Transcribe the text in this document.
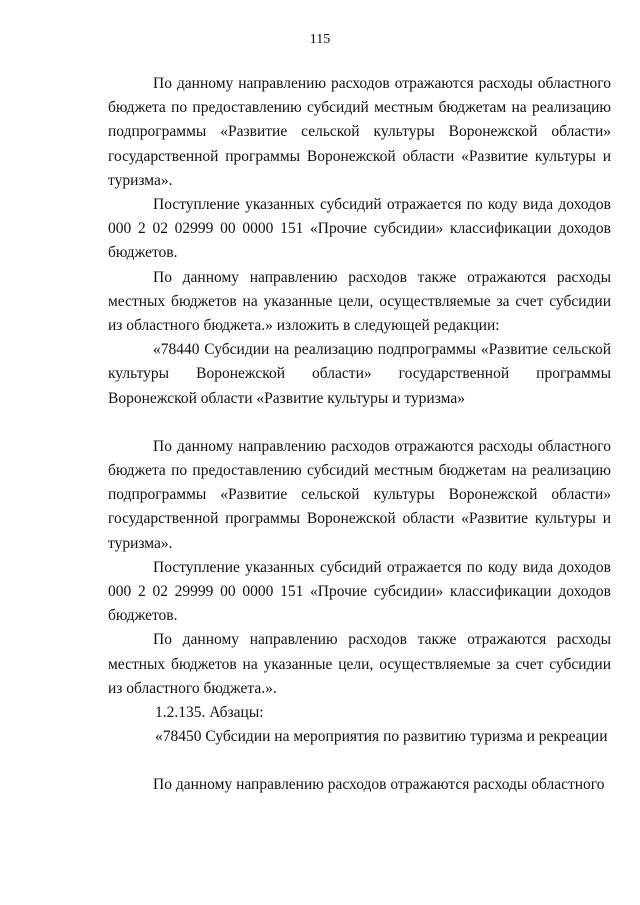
115

По данному направлению расходов отражаются расходы областного бюджета по предоставлению субсидий местным бюджетам на реализацию подпрограммы «Развитие сельской культуры Воронежской области» государственной программы Воронежской области «Развитие культуры и туризма».

Поступление указанных субсидий отражается по коду вида доходов 000 2 02 02999 00 0000 151 «Прочие субсидии» классификации доходов бюджетов.

По данному направлению расходов также отражаются расходы местных бюджетов на указанные цели, осуществляемые за счет субсидии из областного бюджета.» изложить в следующей редакции:

«78440 Субсидии на реализацию подпрограммы «Развитие сельской культуры Воронежской области» государственной программы Воронежской области «Развитие культуры и туризма»

По данному направлению расходов отражаются расходы областного бюджета по предоставлению субсидий местным бюджетам на реализацию подпрограммы «Развитие сельской культуры Воронежской области» государственной программы Воронежской области «Развитие культуры и туризма».

Поступление указанных субсидий отражается по коду вида доходов 000 2 02 29999 00 0000 151 «Прочие субсидии» классификации доходов бюджетов.

По данному направлению расходов также отражаются расходы местных бюджетов на указанные цели, осуществляемые за счет субсидии из областного бюджета.».

1.2.135. Абзацы:

«78450 Субсидии на мероприятия по развитию туризма и рекреации

По данному направлению расходов отражаются расходы областного
